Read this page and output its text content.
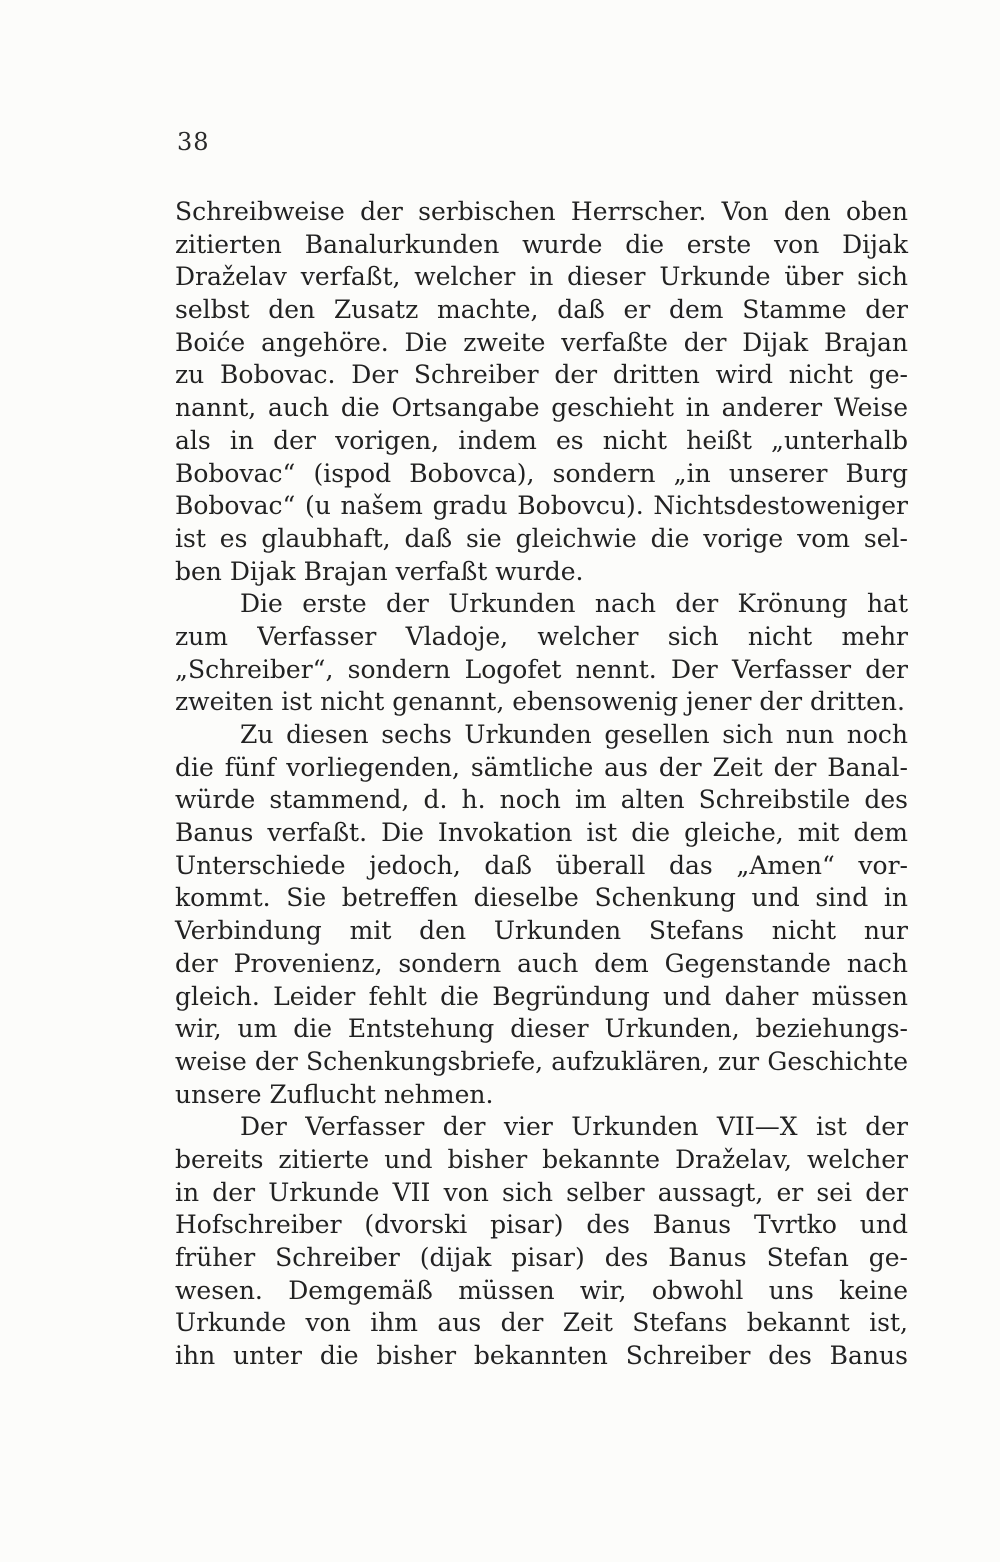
38
Schreibweise der serbischen Herrscher. Von den oben
zitierten Banalurkunden wurde die erste von Dijak
Draželav verfaßt, welcher in dieser Urkunde über sich
selbst den Zusatz machte, daß er dem Stamme der
Boiće angehöre. Die zweite verfaßte der Dijak Brajan
zu Bobovac. Der Schreiber der dritten wird nicht ge-
nannt, auch die Ortsangabe geschieht in anderer Weise
als in der vorigen, indem es nicht heißt „unterhalb
Bobovac“ (ispod Bobovca), sondern „in unserer Burg
Bobovac“ (u našem gradu Bobovcu). Nichtsdestoweniger
ist es glaubhaft, daß sie gleichwie die vorige vom sel-
ben Dijak Brajan verfaßt wurde.
Die erste der Urkunden nach der Krönung hat
zum Verfasser Vladoje, welcher sich nicht mehr
„Schreiber“, sondern Logofet nennt. Der Verfasser der
zweiten ist nicht genannt, ebensowenig jener der dritten.
Zu diesen sechs Urkunden gesellen sich nun noch
die fünf vorliegenden, sämtliche aus der Zeit der Banal-
würde stammend, d. h. noch im alten Schreibstile des
Banus verfaßt. Die Invokation ist die gleiche, mit dem
Unterschiede jedoch, daß überall das „Amen“ vor-
kommt. Sie betreffen dieselbe Schenkung und sind in
Verbindung mit den Urkunden Stefans nicht nur
der Provenienz, sondern auch dem Gegenstande nach
gleich. Leider fehlt die Begründung und daher müssen
wir, um die Entstehung dieser Urkunden, beziehungs-
weise der Schenkungsbriefe, aufzuklären, zur Geschichte
unsere Zuflucht nehmen.
Der Verfasser der vier Urkunden VII—X ist der
bereits zitierte und bisher bekannte Draželav, welcher
in der Urkunde VII von sich selber aussagt, er sei der
Hofschreiber (dvorski pisar) des Banus Tvrtko und
früher Schreiber (dijak pisar) des Banus Stefan ge-
wesen. Demgemäß müssen wir, obwohl uns keine
Urkunde von ihm aus der Zeit Stefans bekannt ist,
ihn unter die bisher bekannten Schreiber des Banus
